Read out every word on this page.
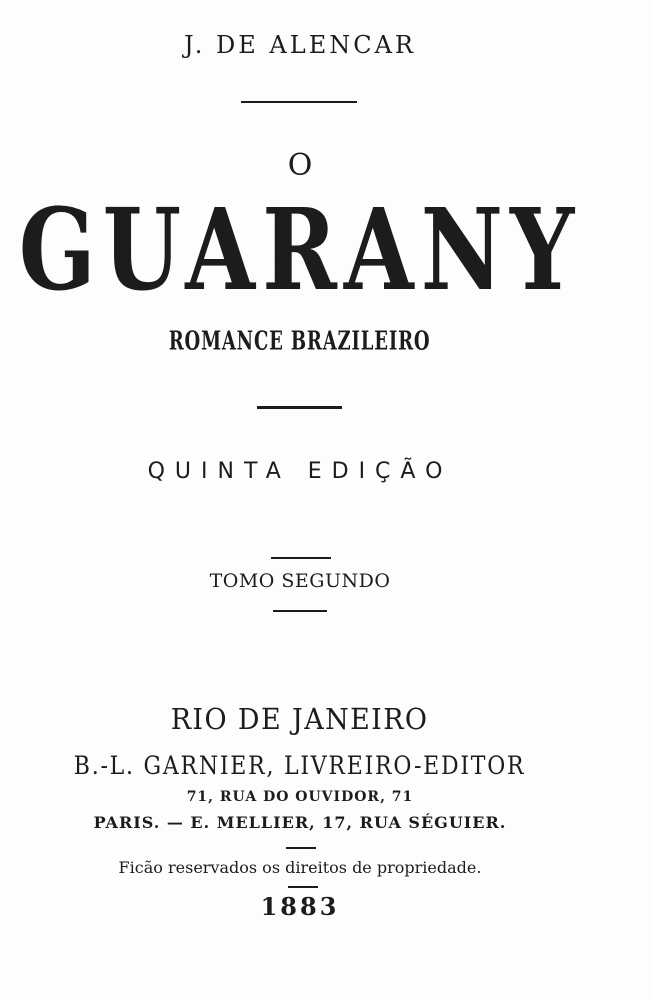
J. DE ALENCAR
O
GUARANY
ROMANCE BRAZILEIRO
QUINTA EDIÇÃO
TOMO SEGUNDO
RIO DE JANEIRO
B.-L. GARNIER, LIVREIRO-EDITOR
71, RUA DO OUVIDOR, 71
PARIS. — E. MELLIER, 17, RUA SÉGUIER.
Ficão reservados os direitos de propriedade.
1883
